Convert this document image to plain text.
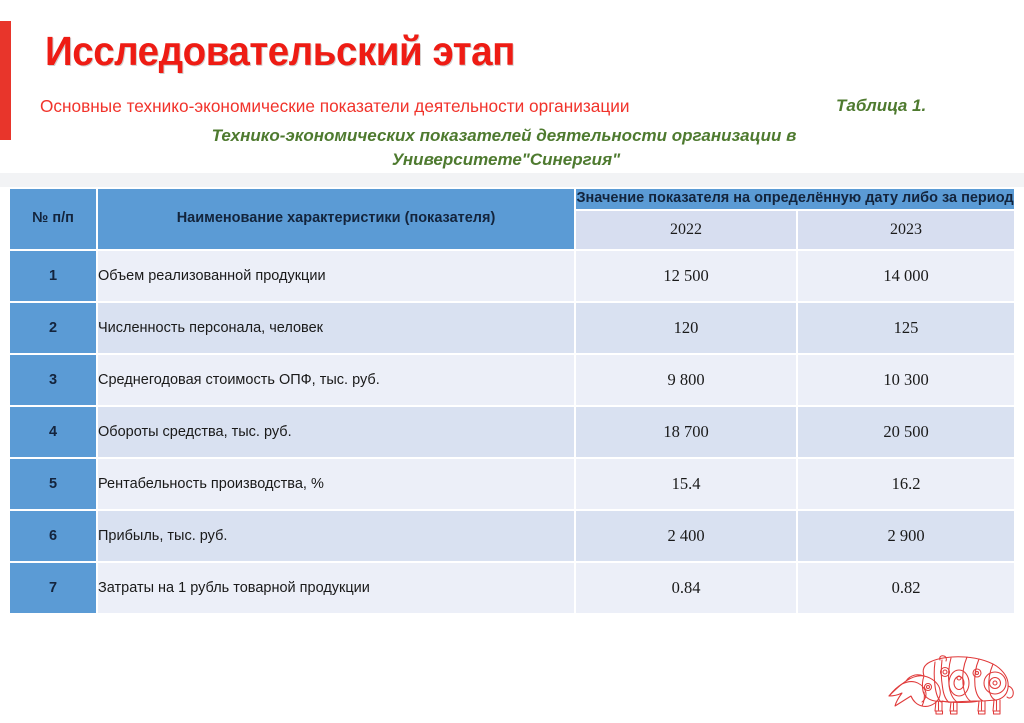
Исследовательский этап
Основные технико-экономические показатели деятельности организации	Таблица 1.
Технико-экономических показателей деятельности организации в
Университете"Синергия"
№ п/п	Наименование характеристики (показателя)	Значение показателя на определённую дату либо за период	
		2022	2023
1	Объем реализованной продукции	12 500	14 000
2	Численность персонала, человек	120	125
3	Среднегодовая стоимость ОПФ, тыс. руб.	9 800	10 300
4	Обороты средства, тыс. руб.	18 700	20 500
5	Рентабельность производства, %	15.4	16.2
6	Прибыль, тыс. руб.	2 400	2 900
7	Затраты на 1 рубль товарной продукции	0.84	0.82
